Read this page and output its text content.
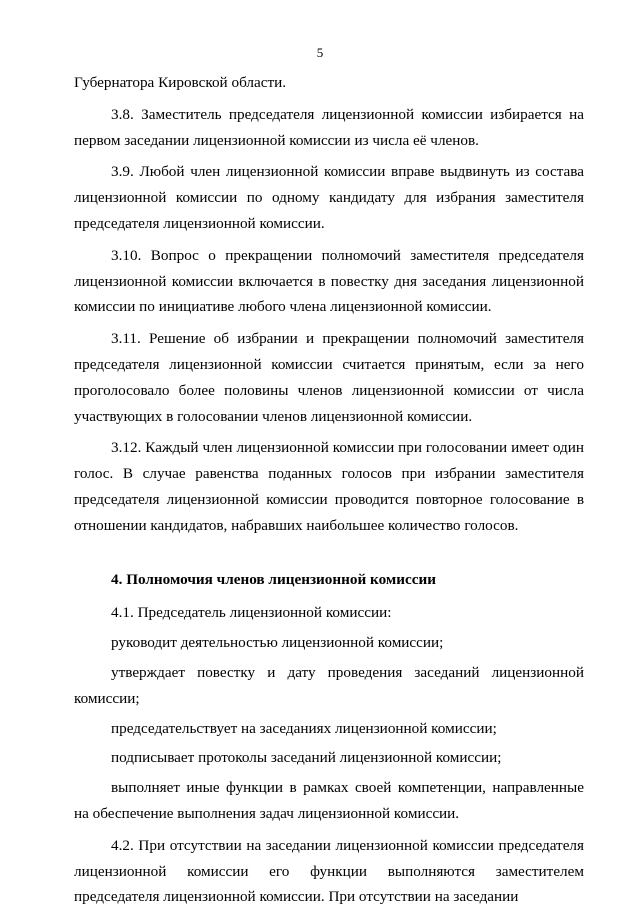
5

Губернатора Кировской области.

3.8. Заместитель председателя лицензионной комиссии избирается на первом заседании лицензионной комиссии из числа её членов.

3.9. Любой член лицензионной комиссии вправе выдвинуть из состава лицензионной комиссии по одному кандидату для избрания заместителя председателя лицензионной комиссии.

3.10. Вопрос о прекращении полномочий заместителя председателя лицензионной комиссии включается в повестку дня заседания лицензионной комиссии по инициативе любого члена лицензионной комиссии.

3.11. Решение об избрании и прекращении полномочий заместителя председателя лицензионной комиссии считается принятым, если за него проголосовало более половины членов лицензионной комиссии от числа участвующих в голосовании членов лицензионной комиссии.

3.12. Каждый член лицензионной комиссии при голосовании имеет один голос. В случае равенства поданных голосов при избрании заместителя председателя лицензионной комиссии проводится повторное голосование в отношении кандидатов, набравших наибольшее количество голосов.

4. Полномочия членов лицензионной комиссии

4.1. Председатель лицензионной комиссии:

руководит деятельностью лицензионной комиссии;

утверждает повестку и дату проведения заседаний лицензионной комиссии;

председательствует на заседаниях лицензионной комиссии;

подписывает протоколы заседаний лицензионной комиссии;

выполняет иные функции в рамках своей компетенции, направленные на обеспечение выполнения задач лицензионной комиссии.

4.2. При отсутствии на заседании лицензионной комиссии председателя лицензионной комиссии его функции выполняются заместителем председателя лицензионной комиссии. При отсутствии на заседании
